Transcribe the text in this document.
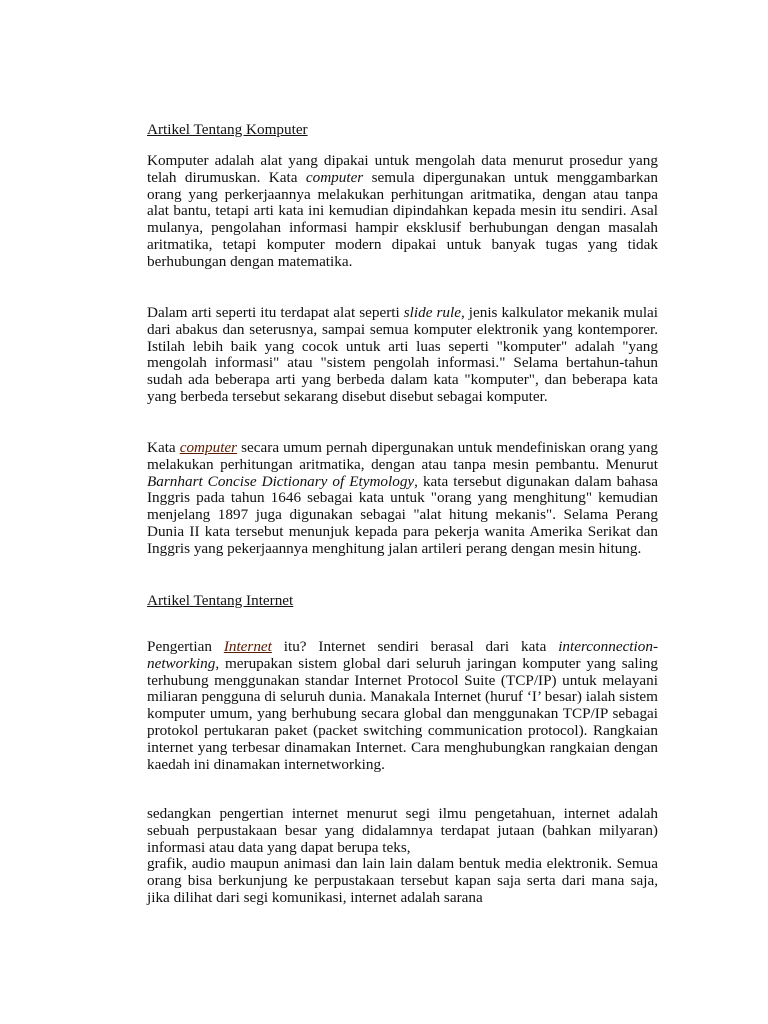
Artikel Tentang Komputer
Komputer adalah alat yang dipakai untuk mengolah data menurut prosedur yang telah dirumuskan. Kata computer semula dipergunakan untuk menggambarkan orang yang perkerjaannya melakukan perhitungan aritmatika, dengan atau tanpa alat bantu, tetapi arti kata ini kemudian dipindahkan kepada mesin itu sendiri. Asal mulanya, pengolahan informasi hampir eksklusif berhubungan dengan masalah aritmatika, tetapi komputer modern dipakai untuk banyak tugas yang tidak berhubungan dengan matematika.
Dalam arti seperti itu terdapat alat seperti slide rule, jenis kalkulator mekanik mulai dari abakus dan seterusnya, sampai semua komputer elektronik yang kontemporer. Istilah lebih baik yang cocok untuk arti luas seperti "komputer" adalah "yang mengolah informasi" atau "sistem pengolah informasi." Selama bertahun-tahun sudah ada beberapa arti yang berbeda dalam kata "komputer", dan beberapa kata yang berbeda tersebut sekarang disebut disebut sebagai komputer.
Kata computer secara umum pernah dipergunakan untuk mendefiniskan orang yang melakukan perhitungan aritmatika, dengan atau tanpa mesin pembantu. Menurut Barnhart Concise Dictionary of Etymology, kata tersebut digunakan dalam bahasa Inggris pada tahun 1646 sebagai kata untuk "orang yang menghitung" kemudian menjelang 1897 juga digunakan sebagai "alat hitung mekanis". Selama Perang Dunia II kata tersebut menunjuk kepada para pekerja wanita Amerika Serikat dan Inggris yang pekerjaannya menghitung jalan artileri perang dengan mesin hitung.
Artikel Tentang Internet
Pengertian Internet itu? Internet sendiri berasal dari kata interconnection-networking, merupakan sistem global dari seluruh jaringan komputer yang saling terhubung menggunakan standar Internet Protocol Suite (TCP/IP) untuk melayani miliaran pengguna di seluruh dunia. Manakala Internet (huruf ‘I’ besar) ialah sistem komputer umum, yang berhubung secara global dan menggunakan TCP/IP sebagai protokol pertukaran paket (packet switching communication protocol). Rangkaian internet yang terbesar dinamakan Internet. Cara menghubungkan rangkaian dengan kaedah ini dinamakan internetworking.
sedangkan pengertian internet menurut segi ilmu pengetahuan, internet adalah sebuah perpustakaan besar yang didalamnya terdapat jutaan (bahkan milyaran) informasi atau data yang dapat berupa teks,
grafik, audio maupun animasi dan lain lain dalam bentuk media elektronik. Semua orang bisa berkunjung ke perpustakaan tersebut kapan saja serta dari mana saja, jika dilihat dari segi komunikasi, internet adalah sarana
